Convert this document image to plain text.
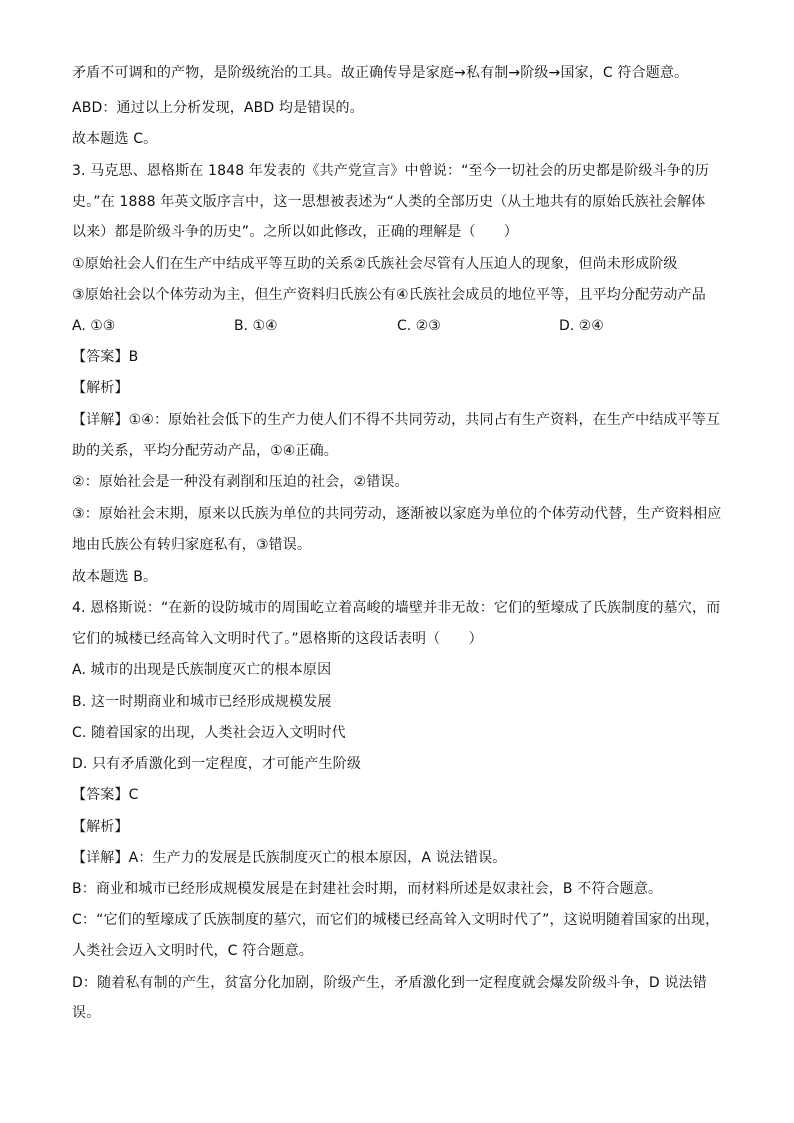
矛盾不可调和的产物，是阶级统治的工具。故正确传导是家庭→私有制→阶级→国家，C 符合题意。
ABD：通过以上分析发现，ABD 均是错误的。
故本题选 C。
3. 马克思、恩格斯在 1848 年发表的《共产党宣言》中曾说：“至今一切社会的历史都是阶级斗争的历
史。”在 1888 年英文版序言中，这一思想被表述为“人类的全部历史（从土地共有的原始氏族社会解体
以来）都是阶级斗争的历史”。之所以如此修改，正确的理解是（　　）
①原始社会人们在生产中结成平等互助的关系②氏族社会尽管有人压迫人的现象，但尚未形成阶级
③原始社会以个体劳动为主，但生产资料归氏族公有④氏族社会成员的地位平等，且平均分配劳动产品
A. ①③	B. ①④	C. ②③	D. ②④
【答案】B
【解析】
【详解】①④：原始社会低下的生产力使人们不得不共同劳动，共同占有生产资料，在生产中结成平等互
助的关系，平均分配劳动产品，①④正确。
②：原始社会是一种没有剥削和压迫的社会，②错误。
③：原始社会末期，原来以氏族为单位的共同劳动，逐渐被以家庭为单位的个体劳动代替，生产资料相应
地由氏族公有转归家庭私有，③错误。
故本题选 B。
4. 恩格斯说：“在新的设防城市的周围屹立着高峻的墙壁并非无故：它们的堑壕成了氏族制度的墓穴，而
它们的城楼已经高耸入文明时代了。”恩格斯的这段话表明（　　）
A. 城市的出现是氏族制度灭亡的根本原因
B. 这一时期商业和城市已经形成规模发展
C. 随着国家的出现，人类社会迈入文明时代
D. 只有矛盾激化到一定程度，才可能产生阶级
【答案】C
【解析】
【详解】A：生产力的发展是氏族制度灭亡的根本原因，A 说法错误。
B：商业和城市已经形成规模发展是在封建社会时期，而材料所述是奴隶社会，B 不符合题意。
C：“它们的堑壕成了氏族制度的墓穴，而它们的城楼已经高耸入文明时代了”，这说明随着国家的出现，
人类社会迈入文明时代，C 符合题意。
D：随着私有制的产生，贫富分化加剧，阶级产生，矛盾激化到一定程度就会爆发阶级斗争，D 说法错
误。
